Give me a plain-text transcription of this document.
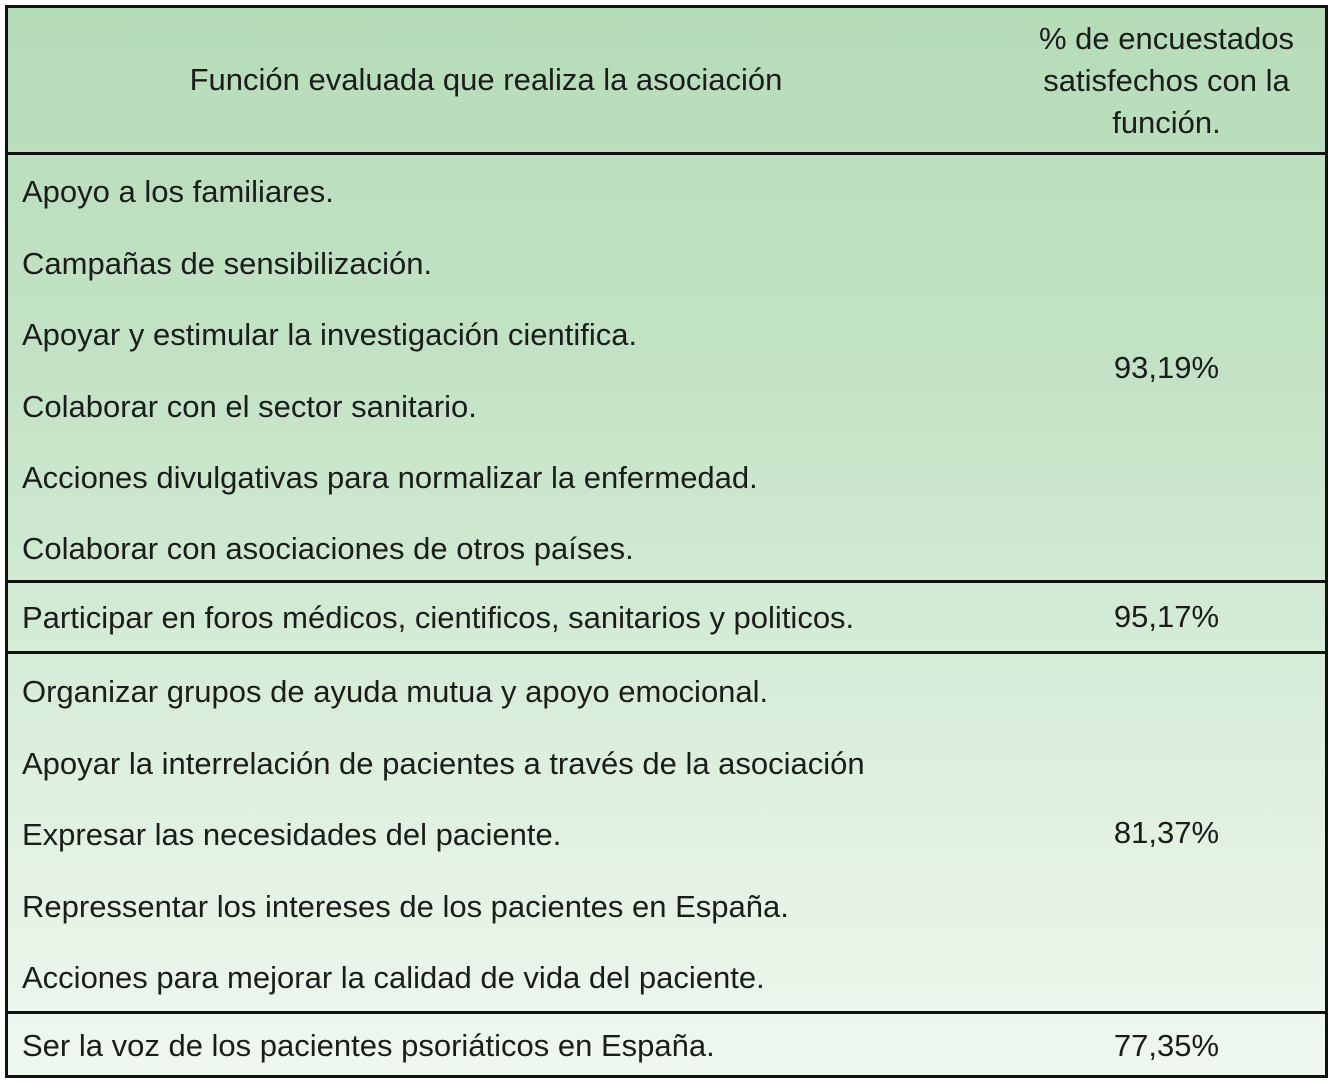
Función evaluada que realiza la asociación
% de encuestados
satisfechos con la
función.
Apoyo a los familiares.
Campañas de sensibilización.
Apoyar y estimular la investigación cientifica.
Colaborar con el sector sanitario.
Acciones divulgativas para normalizar la enfermedad.
Colaborar con asociaciones de otros países.
93,19%
Participar en foros médicos, cientificos, sanitarios y politicos.	95,17%
Organizar grupos de ayuda mutua y apoyo emocional.
Apoyar la interrelación de pacientes a través de la asociación
Expresar las necesidades del paciente.
Repressentar los intereses de los pacientes en España.
Acciones para mejorar la calidad de vida del paciente.
81,37%
Ser la voz de los pacientes psoriáticos en España.	77,35%
